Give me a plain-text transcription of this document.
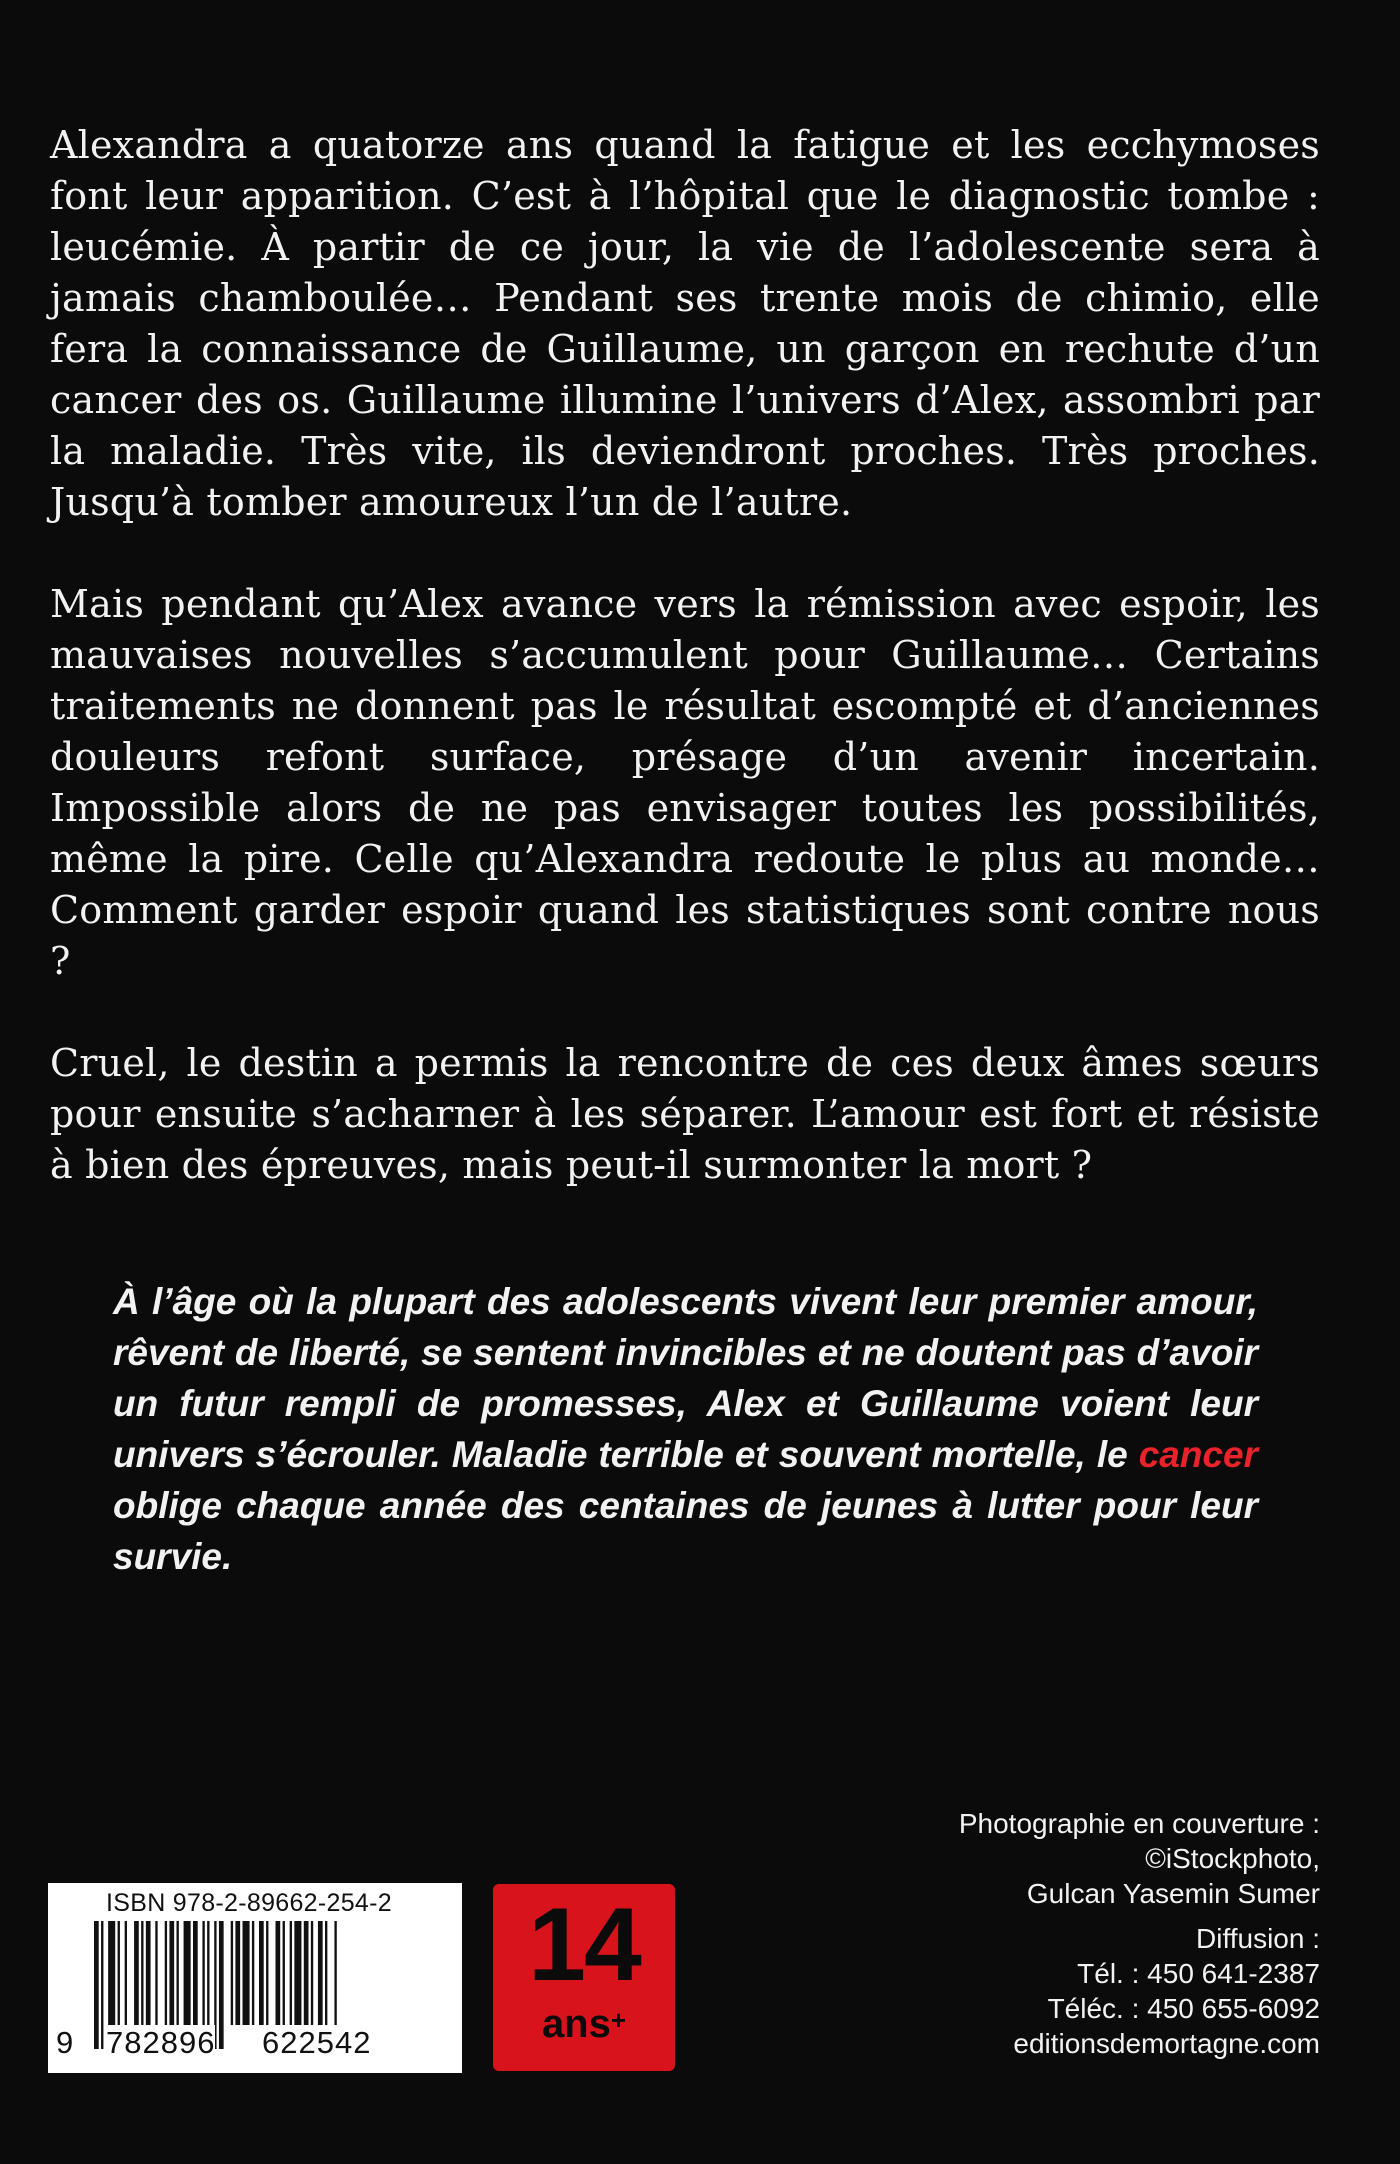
Alexandra a quatorze ans quand la fatigue et les ecchymoses font leur apparition. C’est à l’hôpital que le diagnostic tombe : leucémie. À partir de ce jour, la vie de l’adolescente sera à jamais chamboulée… Pendant ses trente mois de chimio, elle fera la connaissance de Guillaume, un garçon en rechute d’un cancer des os. Guillaume illumine l’univers d’Alex, assombri par la maladie. Très vite, ils deviendront proches. Très proches. Jusqu’à tomber amoureux l’un de l’autre.

Mais pendant qu’Alex avance vers la rémission avec espoir, les mauvaises nouvelles s’accumulent pour Guillaume… Certains traitements ne donnent pas le résultat escompté et d’anciennes douleurs refont surface, présage d’un avenir incertain. Impossible alors de ne pas envisager toutes les possibilités, même la pire. Celle qu’Alexandra redoute le plus au monde… Comment garder espoir quand les statistiques sont contre nous ?

Cruel, le destin a permis la rencontre de ces deux âmes sœurs pour ensuite s’acharner à les séparer. L’amour est fort et résiste à bien des épreuves, mais peut-il surmonter la mort ?

À l’âge où la plupart des adolescents vivent leur premier amour, rêvent de liberté, se sentent invincibles et ne doutent pas d’avoir un futur rempli de promesses, Alex et Guillaume voient leur univers s’écrouler. Maladie terrible et souvent mortelle, le cancer oblige chaque année des centaines de jeunes à lutter pour leur survie.
Photographie en couverture :
©iStockphoto,
Gulcan Yasemin Sumer
Diffusion :
Tél. : 450 641-2387
Téléc. : 450 655-6092
editionsdemortagne.com
ISBN 978-2-89662-254-2
9 782896 622542
14
ans+
